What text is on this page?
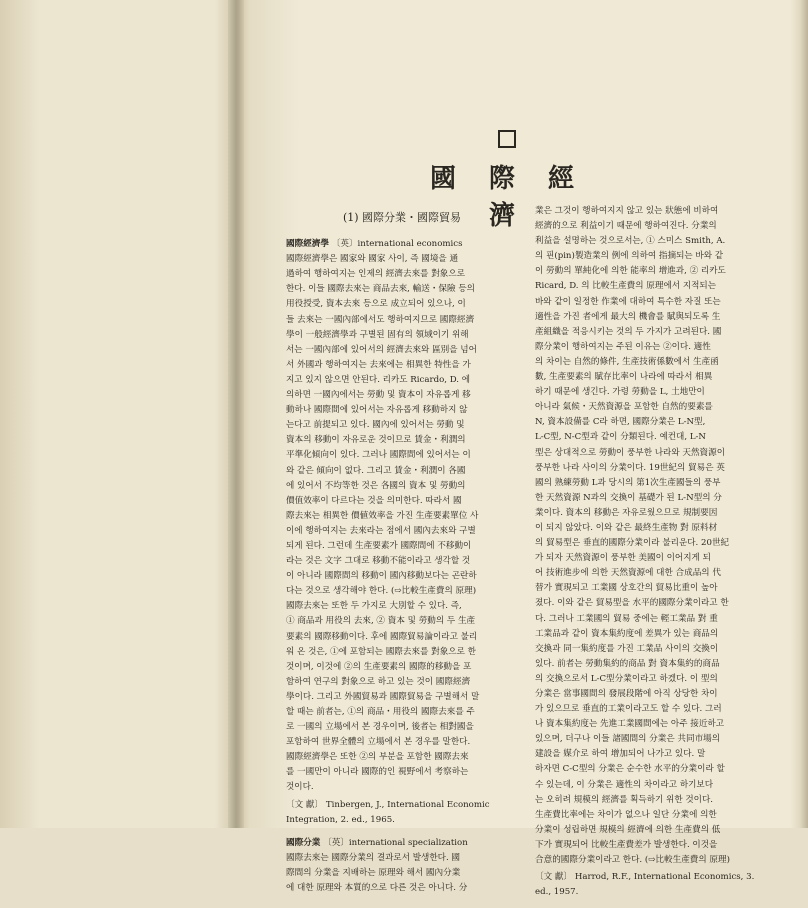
國 際 經 濟
(1) 國際分業・國際貿易

國際經濟學 〔英〕international economics

國際經濟學은 國家와 國家 사이, 즉 國境을 通
過하여 행하여지는 인제의 經濟去來를 對象으로
한다. 이들 國際去來는 商品去來, 輸送・保險 등의
用役授受, 資本去來 등으로 成立되어 있으나, 이
들 去來는 一國內部에서도 행하여지므로 國際經濟
學이 一般經濟學과 구별된 固有의 領域이기 위해
서는 一國內部에 있어서의 經濟去來와 區別을 넘어
서 外國과 행하여지는 去來에는 相異한 特性을 가
지고 있지 않으면 안된다. 리카도 Ricardo, D. 에
의하면 一國內에서는 勞動 및 資本이 자유롭게 移
動하나 國際間에 있어서는 자유롭게 移動하지 않
는다고 前提되고 있다. 國內에 있어서는 勞動 및
資本의 移動이 자유로운 것이므로 賃金・利潤의
平準化傾向이 있다. 그러나 國際間에 있어서는 이
와 같은 傾向이 없다. 그리고 賃金・利潤이 各國
에 있어서 不均等한 것은 各國의 資本 및 勞動의
價值效率이 다르다는 것을 의미한다. 따라서 國
際去來는 相異한 價値效率을 가진 生產要素單位 사
이에 행하여지는 去來라는 점에서 國內去來와 구별
되게 된다. 그런데 生產要素가 國際間에 不移動이
라는 것은 文字 그대로 移動不能이라고 생각할 것
이 아니라 國際間의 移動이 國內移動보다는 곤란하
다는 것으로 생각해야 한다. (⇨比較生產費의 原理)
國際去來는 또한 두 가지로 大別할 수 있다. 즉,
① 商品과 用役의 去來, ② 資本 및 勞動의 두 生產
要素의 國際移動이다. 후에 國際貿易論이라고 불리
워 온 것은, ①에 포함되는 國際去來를 對象으로 한
것이며, 이것에 ②의 生產要素의 國際的移動을 포
함하여 연구의 對象으로 하고 있는 것이 國際經濟
學이다. 그리고 外國貿易과 國際貿易을 구별해서 말
할 때는 前者는, ①의 商品・用役의 國際去來를 주
로 一國의 立場에서 본 경우이며, 後者는 相對國을
포함하여 世界全體의 立場에서 본 경우를 말한다.
國際經濟學은 또한 ②의 부분을 포함한 國際去來
를 一國만이 아니라 國際的인 視野에서 考察하는
것이다.

〔文 獻〕 Tinbergen, J., International Economic Integration, 2. ed., 1965.

國際分業 〔英〕international specialization

國際去來는 國際分業의 결과로서 발생한다. 國
際間의 分業을 지배하는 原理와 해서 國內分業
에 대한 原理와 本質的으로 다른 것은 아니다. 分
業은 그것이 행하여지지 않고 있는 狀態에 비하여
經濟的으로 利益이기 때문에 행하여진다. 分業의
利益을 설명하는 것으로서는, ① 스미스 Smith, A.
의 핀(pin)製造業의 例에 의하여 指摘되는 바와 같
이 勞動의 單純化에 의한 能率의 增進과, ② 리카도
Ricard, D. 의 比較生產費의 原理에서 지적되는
바와 같이 일정한 作業에 대하여 특수한 자질 또는
適性을 가진 者에게 最大의 機會를 賦與되도록 生
產組織을 적응시키는 것의 두 가지가 고려된다. 國
際分業이 행하여지는 주된 이유는 ②이다. 適性
의 차이는 自然的條件, 生產技術係數에서 生產函
數, 生產要素의 賦存比率이 나라에 따라서 相異
하기 때문에 생긴다. 가령 勞動을 L, 土地만이
아니라 氣候・天然資源을 포함한 自然的要素를
N, 資本設備를 C라 하면, 國際分業은 L-N型,
L-C型, N-C型과 같이 分類된다. 예컨대, L-N
型은 상대적으로 勞動이 풍부한 나라와 天然資源이
풍부한 나라 사이의 分業이다. 19世紀의 貿易은 英
國의 熟練勞動 L과 당시의 第1次生產國들의 풍부
한 天然資源 N과의 交換이 基礎가 된 L-N型의 分
業이다. 資本의 移動은 자유로웠으므로 規制要因
이 되지 않았다. 이와 같은 最終生產物 對 原料材
의 貿易型은 垂直的國際分業이라 불리운다. 20世紀
가 되자 天然資源이 풍부한 美國이 이어지게 되
어 技術進步에 의한 天然資源에 대한 合成品의 代
替가 實現되고 工業國 상호간의 貿易比重이 높아
졌다. 이와 같은 貿易型을 水平的國際分業이라고 한
다. 그러나 工業國의 貿易 중에는 輕工業品 對 重
工業品과 같이 資本集約度에 差異가 있는 商品의
交換과 同一集約度를 가진 工業品 사이의 交換이
있다. 前者는 勞動集約的商品 對 資本集約的商品
의 交換으로서 L-C型分業이라고 하겠다. 이 型의
分業은 當事國間의 發展段階에 아직 상당한 차이
가 있으므로 垂直的工業이라고도 할 수 있다. 그러
나 資本集約度는 先進工業國間에는 아주 接近하고
있으며, 더구나 이들 諸國間의 分業은 共同市場의
建設을 媒介로 하여 增加되어 나가고 있다. 말
하자면 C-C型의 分業은 순수한 水平的分業이라 할
수 있는데, 이 分業은 適性의 차이라고 하기보다
는 오히려 規模의 經濟를 획득하기 위한 것이다.
生產費比率에는 차이가 없으나 일단 分業에 의한
分業이 성립하면 規模의 經濟에 의한 生產費의 低
下가 實現되어 比較生產費差가 발생한다. 이것을
合意的國際分業이라고 한다. (⇨比較生產費의 原理)

〔文 獻〕 Harrod, R.F., International Economics, 3. ed., 1957.
